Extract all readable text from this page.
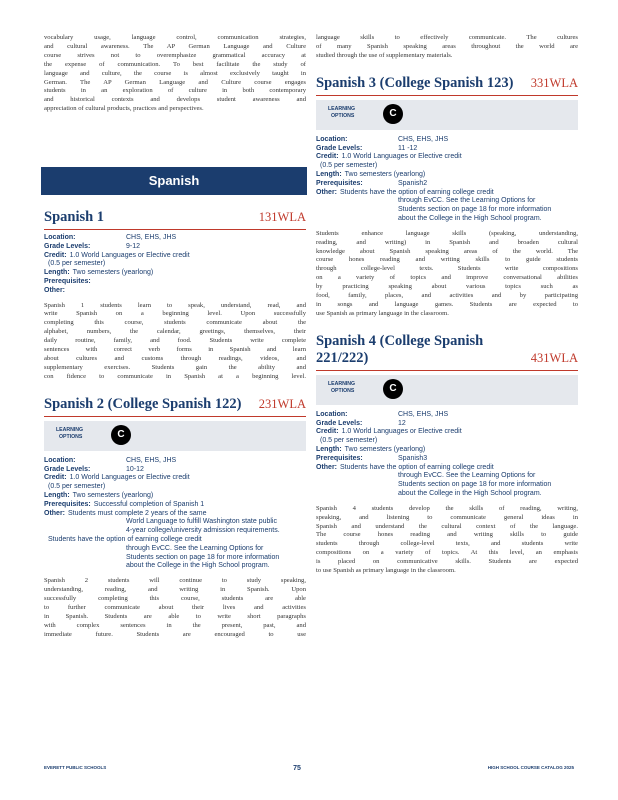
vocabulary usage, language control, communication strategies,
and cultural awareness. The AP German Language and Culture
course strives not to overemphasize grammatical accuracy at
the expense of communication. To best facilitate the study of
language and culture, the course is almost exclusively taught in
German. The AP German Language and Culture course engages
students in an exploration of culture in both contemporary
and historical contexts and develops student awareness and
appreciation of cultural products, practices and perspectives.
Spanish
Spanish 1	131WLA
Location:	CHS, EHS, JHS
Grade Levels:	9-12
Credit: 1.0 World Languages or Elective credit
(0.5 per semester)
Length: Two semesters (yearlong)
Prerequisites:
Other:
Spanish 1 students learn to speak, understand, read, and
write Spanish on a beginning level. Upon successfully
completing this course, students communicate about the
alphabet, numbers, the calendar, greetings, themselves, their
daily routine, family, and food. Students write complete
sentences with correct verb forms in Spanish and learn
about cultures and customs through readings, videos, and
supplementary exercises. Students gain the ability and
con fidence to communicate in Spanish at a beginning level.
Spanish 2 (College Spanish 122) 231WLA
LEARNING
OPTIONS	C
Location:	CHS, EHS, JHS
Grade Levels:	10-12
Credit: 1.0 World Languages or Elective credit
(0.5 per semester)
Length: Two semesters (yearlong)
Prerequisites: Successful completion of Spanish 1
Other: Students must complete 2 years of the same
World Language to fulfill Washington state public
4-year college/university admission requirements.
Students have the option of earning college credit
through EvCC. See the Learning Options for
Students section on page 18 for more information
about the College in the High School program.
Spanish 2 students will continue to study speaking,
understanding, reading, and writing in Spanish. Upon
successfully completing this course, students are able
to further communicate about their lives and activities
in Spanish. Students are able to write short paragraphs
with complex sentences in the present, past, and
immediate future. Students are encouraged to use
language skills to effectively communicate. The cultures
of many Spanish speaking areas throughout the world are
studied through the use of supplementary materials.
Spanish 3 (College Spanish 123) 331WLA
LEARNING
OPTIONS	C
Location:	CHS, EHS, JHS
Grade Levels:	11 -12
Credit: 1.0 World Languages or Elective credit
(0.5 per semester)
Length: Two semesters (yearlong)
Prerequisites:	Spanish2
Other: Students have the option of earning college credit
through EvCC. See the Learning Options for
Students section on page 18 for more information
about the College in the High School program.
Students enhance language skills (speaking, understanding,
reading, and writing) in Spanish and broaden cultural
knowledge about Spanish speaking areas of the world. The
course hones reading and writing skills to guide students
through college-level texts. Students write compositions
on a variety of topics and improve conversational abilities
by practicing speaking about various topics such as
food, family, places, and activities and by participating
in songs and language games. Students are expected to
use Spanish as primary language in the classroom.
Spanish 4 (College Spanish
221/222)	431WLA
LEARNING
OPTIONS	C
Location:	CHS, EHS, JHS
Grade Levels:	12
Credit: 1.0 World Languages or Elective credit
(0.5 per semester)
Length: Two semesters (yearlong)
Prerequisites:	Spanish3
Other: Students have the option of earning college credit
through EvCC. See the Learning Options for
Students section on page 18 for more information
about the College in the High School program.
Spanish 4 students develop the skills of reading, writing,
speaking, and listening to communicate general ideas in
Spanish and understand the cultural context of the language.
The course hones reading and writing skills to guide
students through college-level texts, and students write
compositions on a variety of topics. At this level, an emphasis
is placed on communicative skills. Students are expected
to use Spanish as primary language in the classroom.
EVERETT PUBLIC SCHOOLS	75	HIGH SCHOOL COURSE CATALOG 2025
